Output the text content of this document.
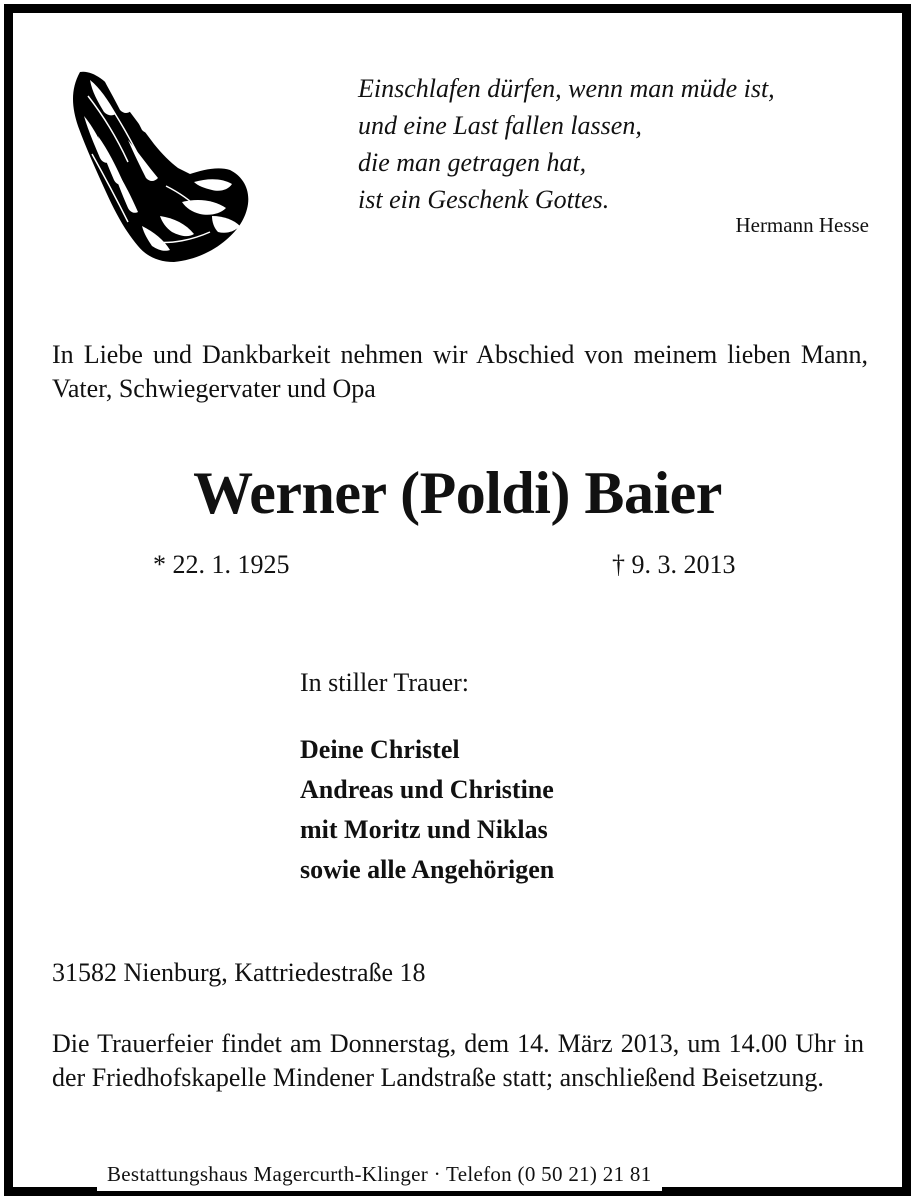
Einschlafen dürfen, wenn man müde ist,
und eine Last fallen lassen,
die man getragen hat,
ist ein Geschenk Gottes.
Hermann Hesse
In Liebe und Dankbarkeit nehmen wir Abschied von meinem lieben Mann, Vater, Schwiegervater und Opa
Werner (Poldi) Baier
* 22. 1. 1925	† 9. 3. 2013
In stiller Trauer:
Deine Christel
Andreas und Christine
mit Moritz und Niklas
sowie alle Angehörigen
31582 Nienburg, Kattriedestraße 18
Die Trauerfeier findet am Donnerstag, dem 14. März 2013, um 14.00 Uhr in der Friedhofskapelle Mindener Landstraße statt; anschließend Beisetzung.
Bestattungshaus Magercurth-Klinger · Telefon (0 50 21) 21 81
